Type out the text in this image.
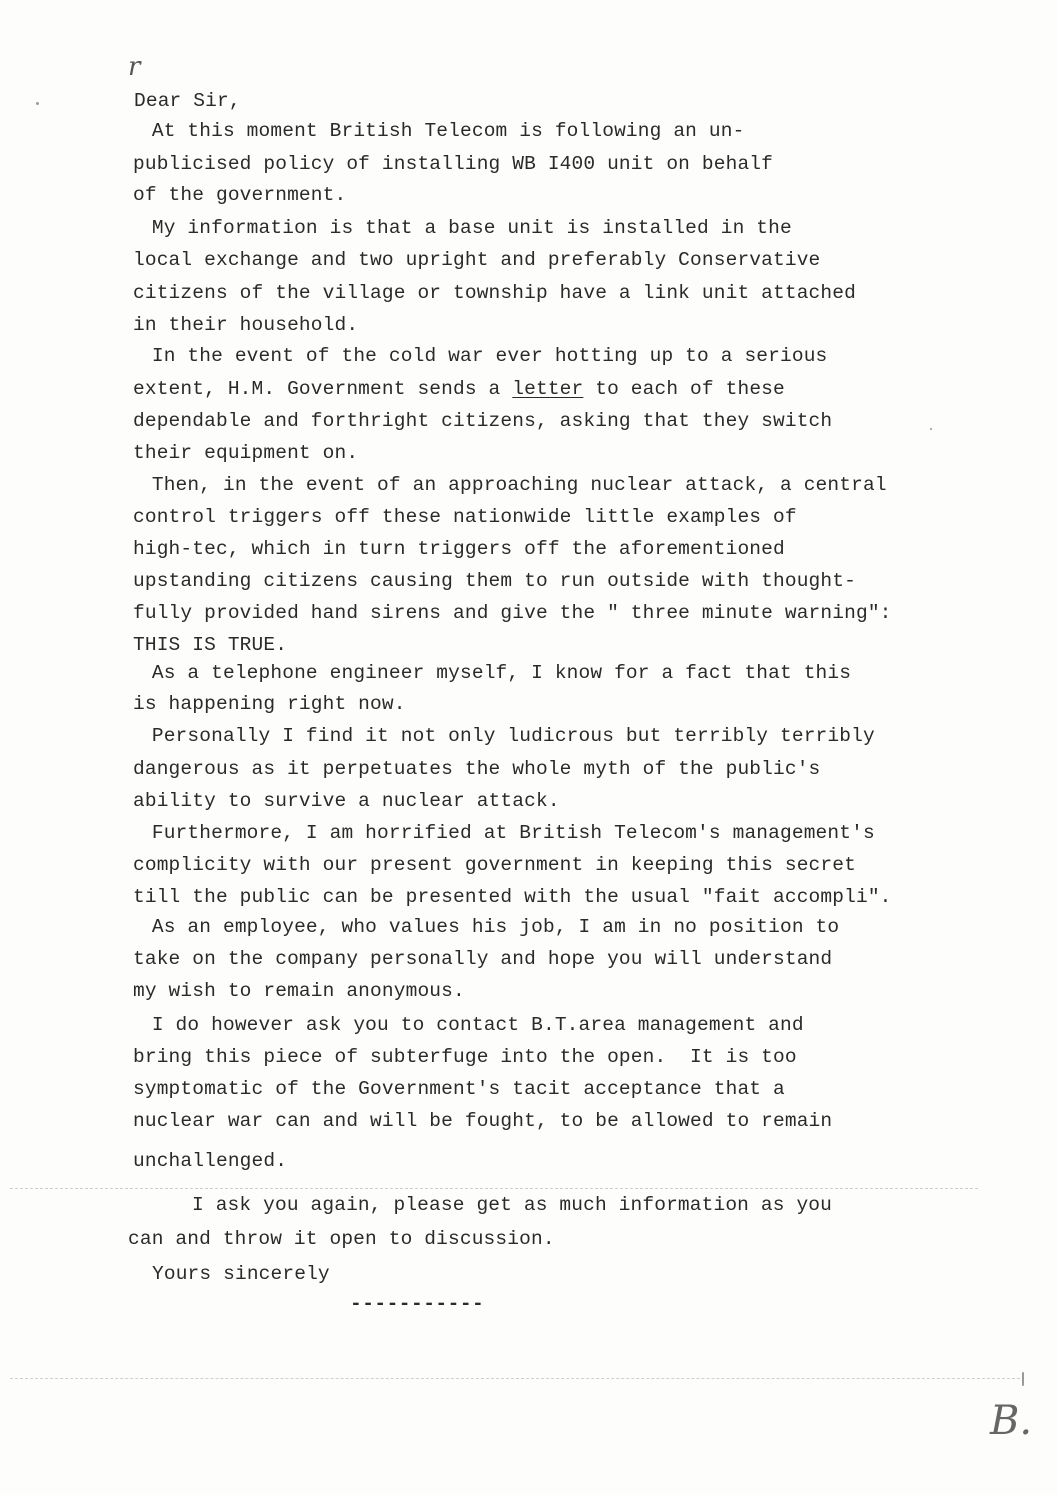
r
Dear Sir,
At this moment British Telecom is following an un-
publicised policy of installing WB I400 unit on behalf
of the government.
My information is that a base unit is installed in the
local exchange and two upright and preferably Conservative
citizens of the village or township have a link unit attached
in their household.
In the event of the cold war ever hotting up to a serious
extent, H.M. Government sends a letter to each of these
dependable and forthright citizens, asking that they switch
their equipment on.
Then, in the event of an approaching nuclear attack, a central
control triggers off these nationwide little examples of
high-tec, which in turn triggers off the aforementioned
upstanding citizens causing them to run outside with thought-
fully provided hand sirens and give the " three minute warning":
THIS IS TRUE.
As a telephone engineer myself, I know for a fact that this
is happening right now.
Personally I find it not only ludicrous but terribly terribly
dangerous as it perpetuates the whole myth of the public's
ability to survive a nuclear attack.
Furthermore, I am horrified at British Telecom's management's
complicity with our present government in keeping this secret
till the public can be presented with the usual "fait accompli".
As an employee, who values his job, I am in no position to
take on the company personally and hope you will understand
my wish to remain anonymous.
I do however ask you to contact B.T.area management and
bring this piece of subterfuge into the open.  It is too
symptomatic of the Government's tacit acceptance that a
nuclear war can and will be fought, to be allowed to remain
unchallenged.
I ask you again, please get as much information as you
can and throw it open to discussion.
Yours sincerely
-----------
B.
